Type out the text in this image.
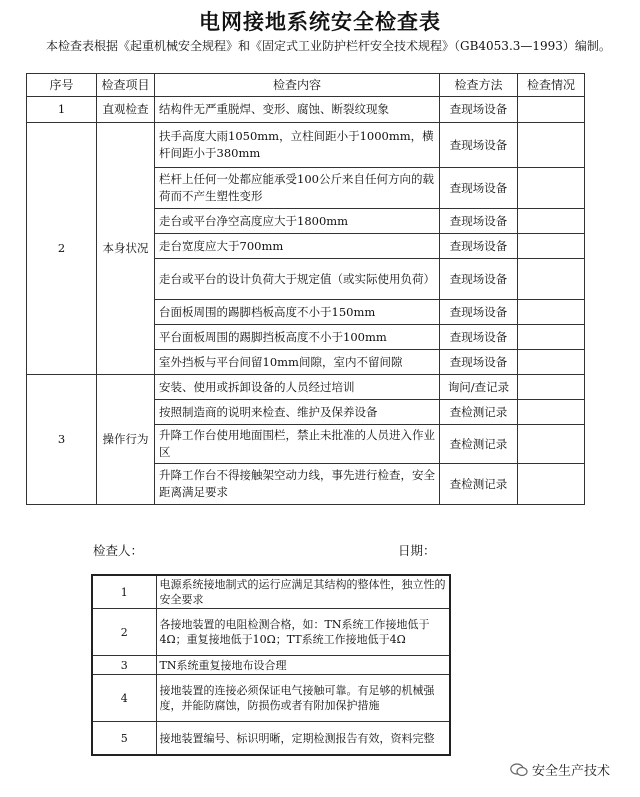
电网接地系统安全检查表
本检查表根据《起重机械安全规程》和《固定式工业防护栏杆安全技术规程》（GB4053.3—1993）编制。
序号	检查项目	检查内容	检查方法	检查情况
1	直观检查	结构件无严重脱焊、变形、腐蚀、断裂纹现象	查现场设备	
2	本身状况	扶手高度大雨1050mm，立柱间距小于1000mm，横杆间距小于380mm	查现场设备	
		栏杆上任何一处都应能承受100公斤来自任何方向的载荷而不产生塑性变形	查现场设备	
		走台或平台净空高度应大于1800mm	查现场设备	
		走台宽度应大于700mm	查现场设备	
		走台或平台的设计负荷大于规定值（或实际使用负荷）	查现场设备	
		台面板周围的踢脚档板高度不小于150mm	查现场设备	
		平台面板周围的踢脚挡板高度不小于100mm	查现场设备	
		室外挡板与平台间留10mm间隙，室内不留间隙	查现场设备	
3	操作行为	安装、使用或拆卸设备的人员经过培训	询问/查记录	
		按照制造商的说明来检查、维护及保养设备	查检测记录	
		升降工作台使用地面围栏，禁止未批准的人员进入作业区	查检测记录	
		升降工作台不得接触架空动力线，事先进行检查，安全距离满足要求	查检测记录	
检查人：	日期：
1	电源系统接地制式的运行应满足其结构的整体性，独立性的安全要求
2	各接地装置的电阻检测合格，如：TN系统工作接地低于4Ω；重复接地低于10Ω；TT系统工作接地低于4Ω
3	TN系统重复接地布设合理
4	接地装置的连接必须保证电气接触可靠。有足够的机械强度，并能防腐蚀，防损伤或者有附加保护措施
5	接地装置编号、标识明晰，定期检测报告有效，资料完整
安全生产技术
